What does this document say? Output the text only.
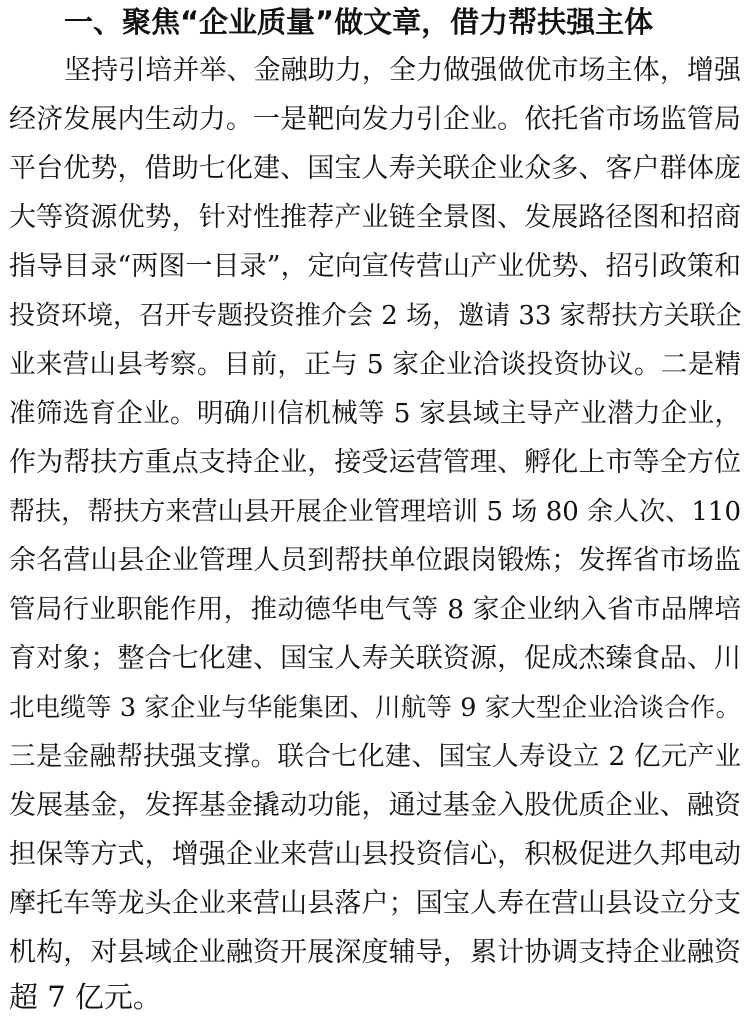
一、聚焦“企业质量”做文章，借力帮扶强主体
坚持引培并举、金融助力，全力做强做优市场主体，增强
经济发展内生动力。一是靶向发力引企业。依托省市场监管局
平台优势，借助七化建、国宝人寿关联企业众多、客户群体庞
大等资源优势，针对性推荐产业链全景图、发展路径图和招商
指导目录“两图一目录”，定向宣传营山产业优势、招引政策和
投资环境，召开专题投资推介会 2 场，邀请 33 家帮扶方关联企
业来营山县考察。目前，正与 5 家企业洽谈投资协议。二是精
准筛选育企业。明确川信机械等 5 家县域主导产业潜力企业，
作为帮扶方重点支持企业，接受运营管理、孵化上市等全方位
帮扶，帮扶方来营山县开展企业管理培训 5 场 80 余人次、110
余名营山县企业管理人员到帮扶单位跟岗锻炼；发挥省市场监
管局行业职能作用，推动德华电气等 8 家企业纳入省市品牌培
育对象；整合七化建、国宝人寿关联资源，促成杰臻食品、川
北电缆等 3 家企业与华能集团、川航等 9 家大型企业洽谈合作。
三是金融帮扶强支撑。联合七化建、国宝人寿设立 2 亿元产业
发展基金，发挥基金撬动功能，通过基金入股优质企业、融资
担保等方式，增强企业来营山县投资信心，积极促进久邦电动
摩托车等龙头企业来营山县落户；国宝人寿在营山县设立分支
机构，对县域企业融资开展深度辅导，累计协调支持企业融资
超 7 亿元。
